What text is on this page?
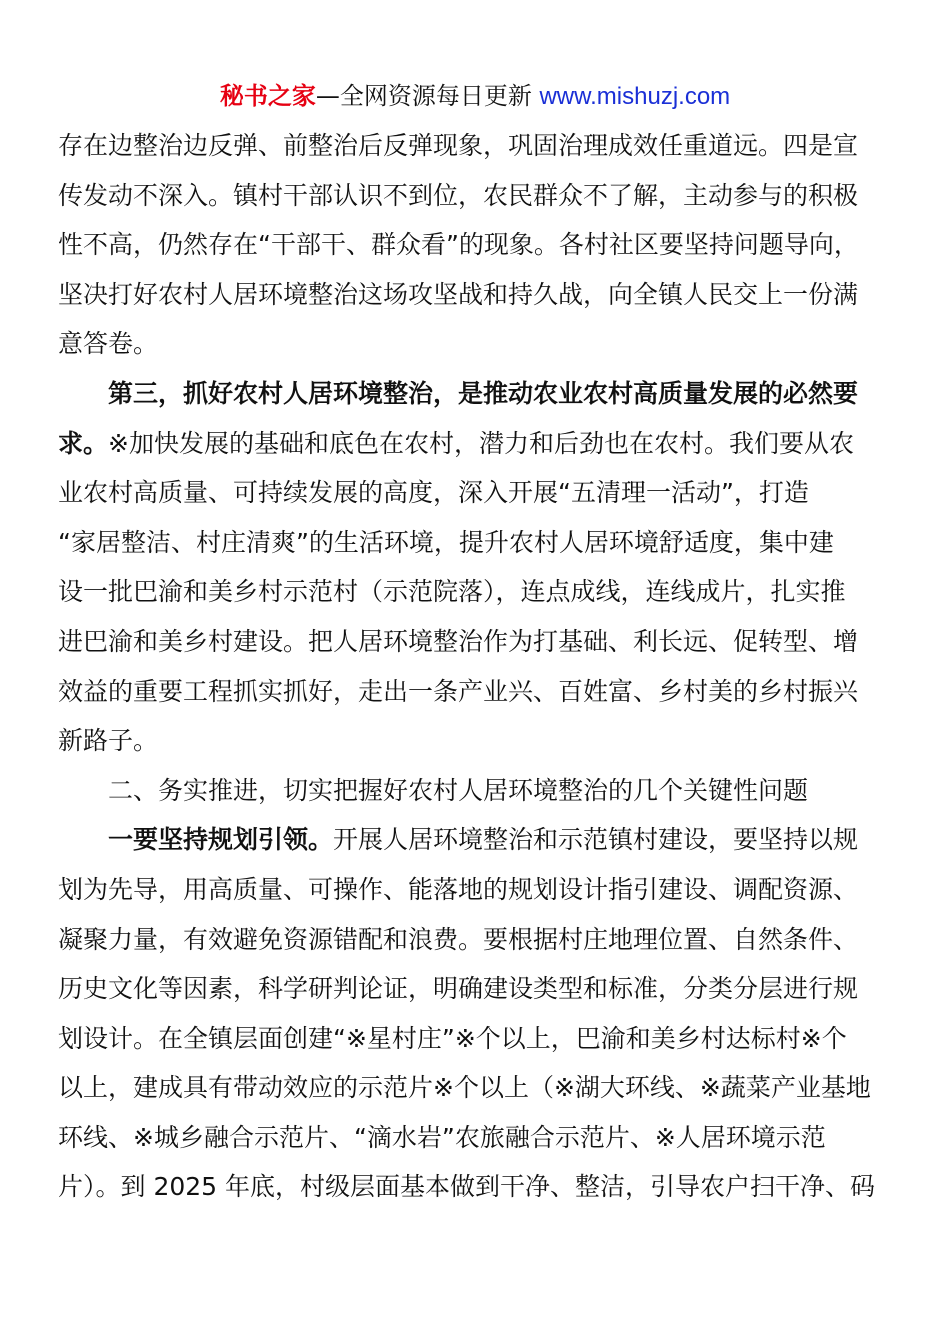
秘书之家—全网资源每日更新 www.mishuzj.com
存在边整治边反弹、前整治后反弹现象，巩固治理成效任重道远。四是宣
传发动不深入。镇村干部认识不到位，农民群众不了解，主动参与的积极
性不高，仍然存在“干部干、群众看”的现象。各村社区要坚持问题导向，
坚决打好农村人居环境整治这场攻坚战和持久战，向全镇人民交上一份满
意答卷。
第三，抓好农村人居环境整治，是推动农业农村高质量发展的必然要
求。※加快发展的基础和底色在农村，潜力和后劲也在农村。我们要从农
业农村高质量、可持续发展的高度，深入开展“五清理一活动”，打造
“家居整洁、村庄清爽”的生活环境，提升农村人居环境舒适度，集中建
设一批巴渝和美乡村示范村（示范院落），连点成线，连线成片，扎实推
进巴渝和美乡村建设。把人居环境整治作为打基础、利长远、促转型、增
效益的重要工程抓实抓好，走出一条产业兴、百姓富、乡村美的乡村振兴
新路子。
二、务实推进，切实把握好农村人居环境整治的几个关键性问题
一要坚持规划引领。开展人居环境整治和示范镇村建设，要坚持以规
划为先导，用高质量、可操作、能落地的规划设计指引建设、调配资源、
凝聚力量，有效避免资源错配和浪费。要根据村庄地理位置、自然条件、
历史文化等因素，科学研判论证，明确建设类型和标准，分类分层进行规
划设计。在全镇层面创建“※星村庄”※个以上，巴渝和美乡村达标村※个
以上，建成具有带动效应的示范片※个以上（※湖大环线、※蔬菜产业基地
环线、※城乡融合示范片、“滴水岩”农旅融合示范片、※人居环境示范
片）。到 2025 年底，村级层面基本做到干净、整洁，引导农户扫干净、码
